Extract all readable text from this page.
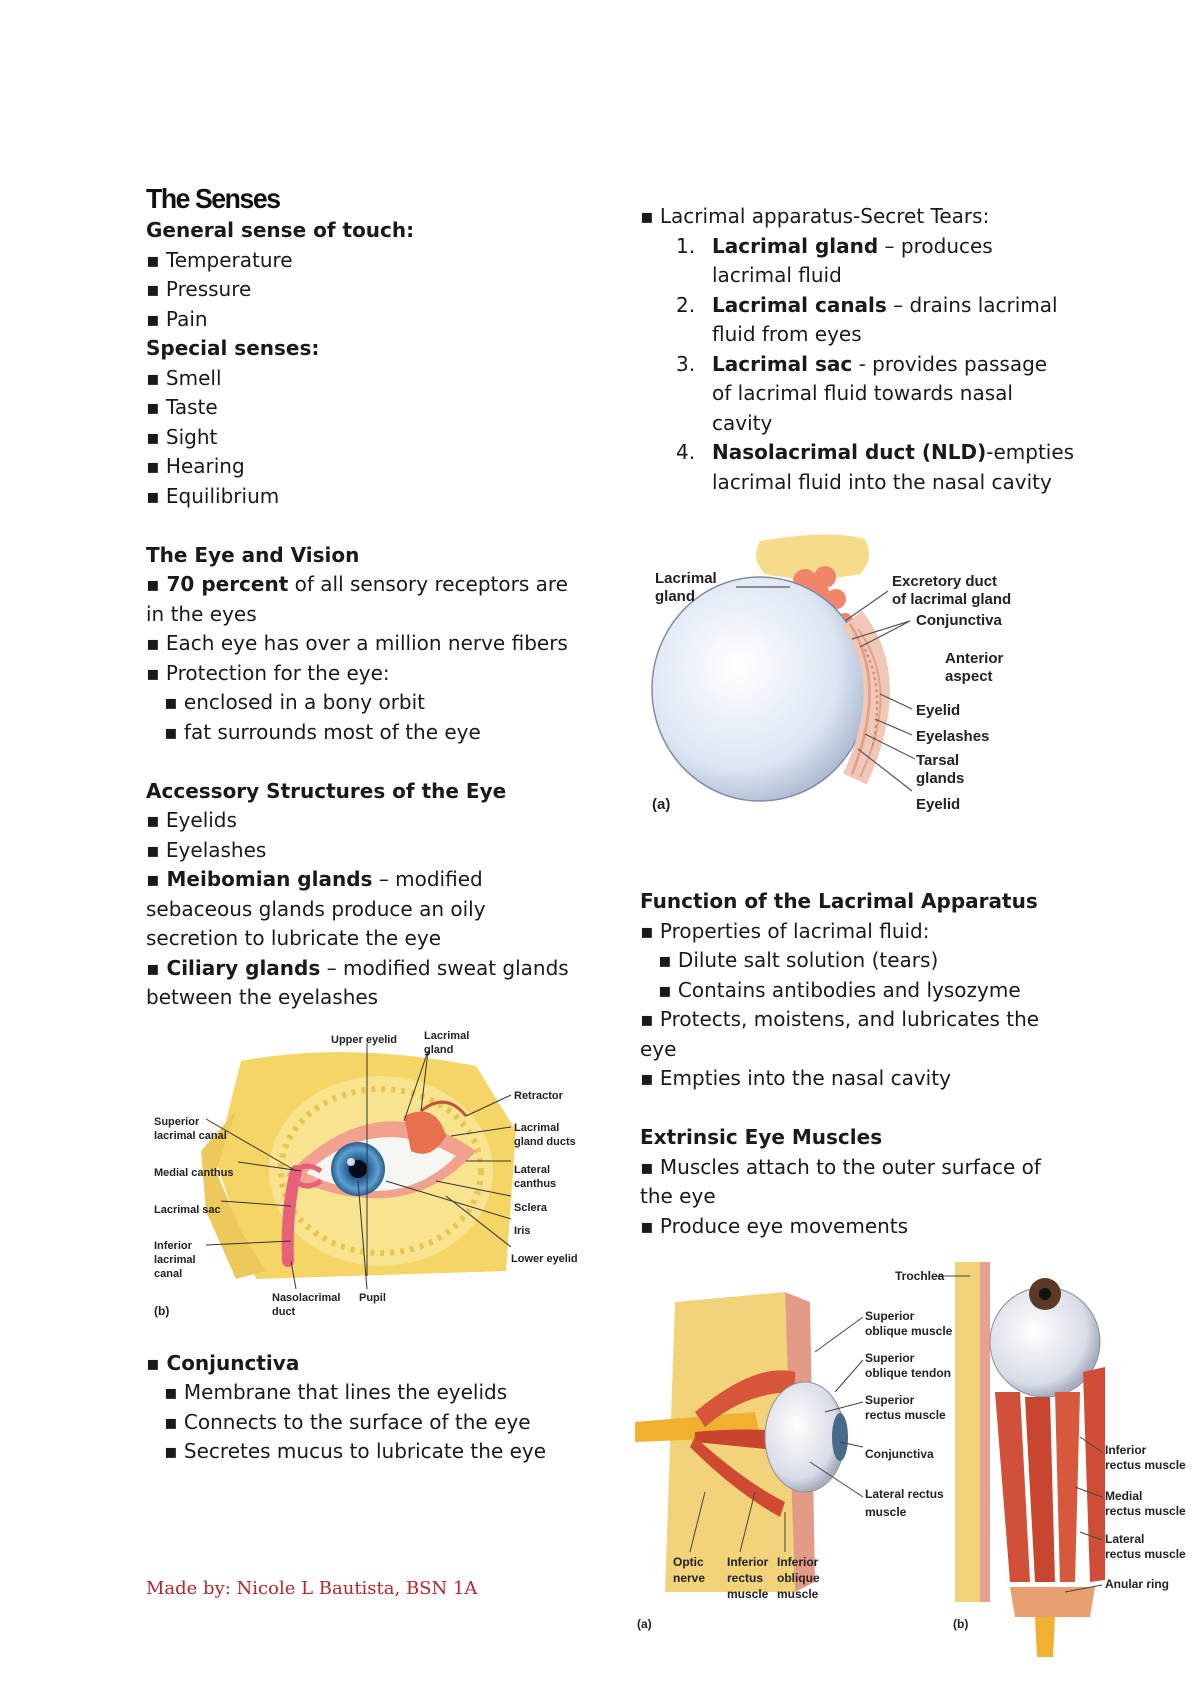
The Senses
General sense of touch:
▪ Temperature
▪ Pressure
▪ Pain
Special senses:
▪ Smell
▪ Taste
▪ Sight
▪ Hearing
▪ Equilibrium
The Eye and Vision
▪ 70 percent of all sensory receptors are
in the eyes
▪ Each eye has over a million nerve fibers
▪ Protection for the eye:
▪ enclosed in a bony orbit
▪ fat surrounds most of the eye
Accessory Structures of the Eye
▪ Eyelids
▪ Eyelashes
▪ Meibomian glands – modified
sebaceous glands produce an oily
secretion to lubricate the eye
▪ Ciliary glands – modified sweat glands
between the eyelashes
Upper eyelid Lacrimal
gland
Retractor
Lacrimal
gland ducts
Lateral
canthus
Sclera
Iris
Lower eyelid
Superior
lacrimal canal
Medial canthus
Lacrimal sac
Inferior
lacrimal
canal
Nasolacrimal
duct
Pupil
(b)
▪ Conjunctiva
▪ Membrane that lines the eyelids
▪ Connects to the surface of the eye
▪ Secretes mucus to lubricate the eye
▪ Lacrimal apparatus-Secret Tears:
1. Lacrimal gland – produces
lacrimal fluid
2. Lacrimal canals – drains lacrimal
fluid from eyes
3. Lacrimal sac - provides passage
of lacrimal fluid towards nasal
cavity
4. Nasolacrimal duct (NLD)-empties
lacrimal fluid into the nasal cavity
Lacrimal
gland
Excretory duct
of lacrimal gland
Conjunctiva
Anterior
aspect
Eyelid
Eyelashes
Tarsal
glands
Eyelid
(a)
Function of the Lacrimal Apparatus
▪ Properties of lacrimal fluid:
▪ Dilute salt solution (tears)
▪ Contains antibodies and lysozyme
▪ Protects, moistens, and lubricates the
eye
▪ Empties into the nasal cavity
Extrinsic Eye Muscles
▪ Muscles attach to the outer surface of
the eye
▪ Produce eye movements
Superior
oblique muscle
Superior
oblique tendon
Superior
rectus muscle
Conjunctiva
Lateral rectus
muscle
Optic
nerve
Inferior
rectus
muscle
Inferior
oblique
muscle
(a)
Trochlea
Inferior
rectus muscle
Medial
rectus muscle
Lateral
rectus muscle
Anular ring
(b)
Made by: Nicole L Bautista, BSN 1A
